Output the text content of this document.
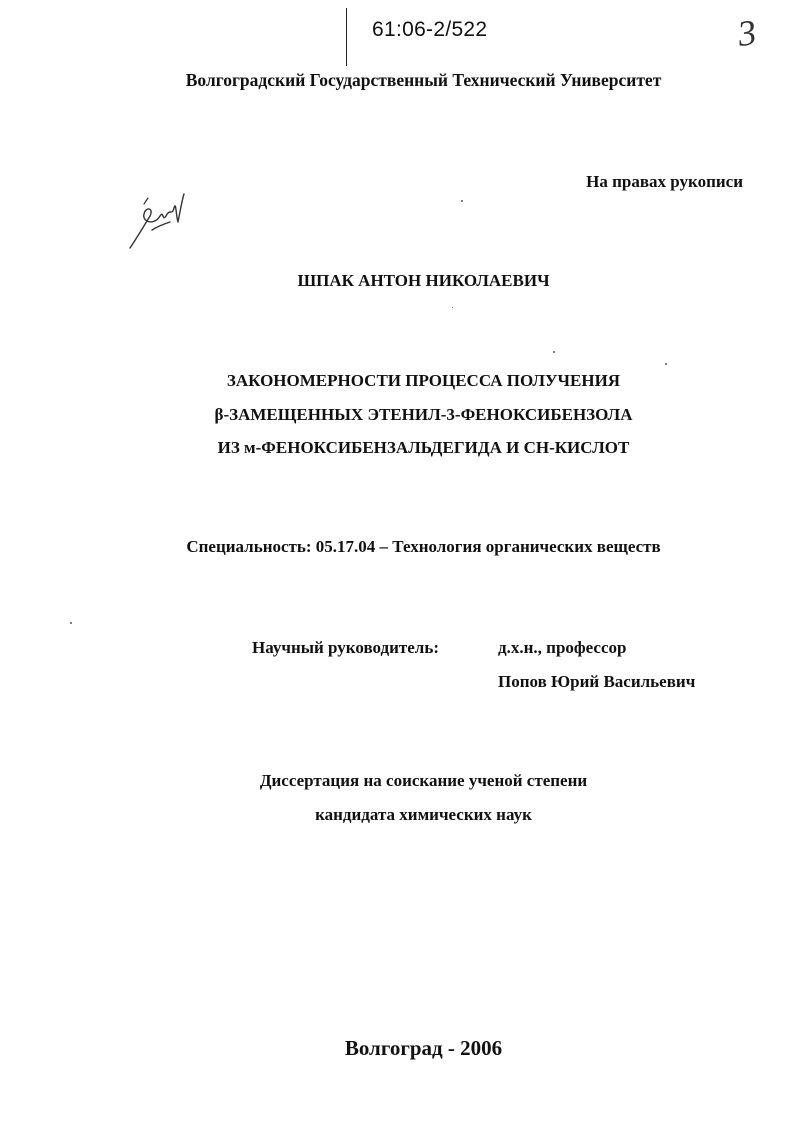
61:06-2/522	3
Волгоградский Государственный Технический Университет
На правах рукописи
ШПАК АНТОН НИКОЛАЕВИЧ
ЗАКОНОМЕРНОСТИ ПРОЦЕССА ПОЛУЧЕНИЯ
β-ЗАМЕЩЕННЫХ ЭТЕНИЛ-3-ФЕНОКСИБЕНЗОЛА
ИЗ м-ФЕНОКСИБЕНЗАЛЬДЕГИДА И СН-КИСЛОТ
Специальность: 05.17.04 – Технология органических веществ
Научный руководитель:	д.х.н., профессор
Попов Юрий Васильевич
Диссертация на соискание ученой степени
кандидата химических наук
Волгоград - 2006
